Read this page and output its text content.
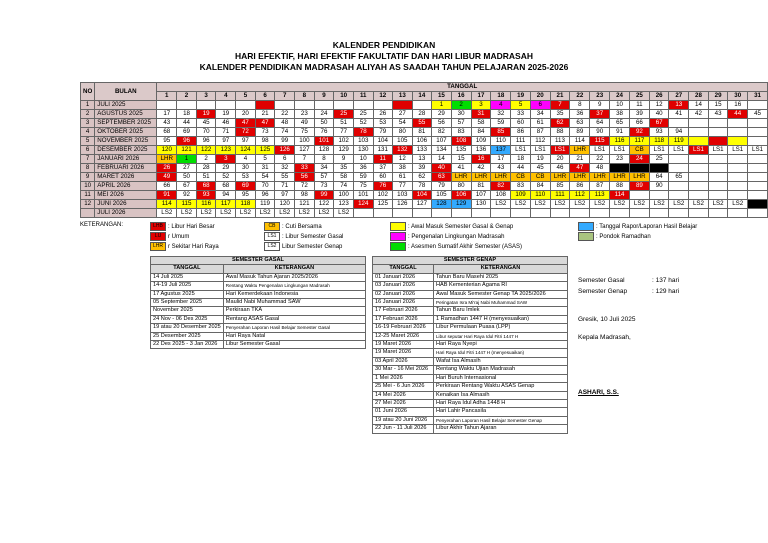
KALENDER PENDIDIKAN
HARI EFEKTIF, HARI EFEKTIF FAKULTATIF DAN HARI LIBUR MADRASAH
KALENDER PENDIDIKAN MADRASAH ALIYAH AS SAADAH TAHUN PELAJARAN 2025-2026
NO	BULAN	TANGGAL																														
		1	2	3	4	5	6	7	8	9	10	11	12	13	14	15	16	17	18	19	20	21	22	23	24	25	26	27	28	29	30	31
1	JULI 2025															1	2	3	4	5	6	7	8	9	10	11	12	13	14	15	16	
2	AGUSTUS 2025	17	18	19	19	20	21	22	23	24	25	25	26	27	28	29	30	31	32	33	34	35	36	37	38	39	40	41	42	43	44	45
3	SEPTEMBER 2025	43	44	45	46	47	47	48	49	50	51	52	53	54	55	56	57	58	59	60	61	62	63	64	65	66	67					
4	OKTOBER 2025	68	69	70	71	72	73	74	75	76	77	78	79	80	81	82	83	84	85	86	87	88	89	90	91	92	93	94				
5	NOVEMBER 2025	95	96	96	97	97	98	99	100	101	102	103	104	105	106	107	108	109	110	111	112	113	114	115	116	117	118	119				
6	DESEMBER 2025	120	121	122	123	124	125	126	127	128	129	130	131	132	133	134	135	136	137	LS1	LS1	LS1	LHR	LS1	LS1	CB	LS1	LS1	LS1	LS1	LS1	LS1
7	JANUARI 2026	LHR	1	2	3	4	5	6	7	8	9	10	11	12	13	14	15	16	17	18	19	20	21	22	23	24	25					
8	FEBRUARI 2026	26	27	28	29	30	31	32	33	34	35	36	37	38	39	40	41	42	43	44	45	46	47	48								
9	MARET 2026	49	50	51	52	53	54	55	56	57	58	59	60	61	62	63	LHR	LHR	LHR	CB	CB	LHR	LHR	LHR	LHR	LHR	64	65				
10	APRIL 2026	66	67	68	68	69	70	71	72	73	74	75	76	77	78	79	80	81	82	83	84	85	86	87	88	89	90					
11	MEI 2026	91	92	93	94	95	96	97	98	99	100	101	102	103	104	105	106	107	108	109	110	111	112	113	114							
12	JUNI 2026	114	115	116	117	118	119	120	121	122	123	124	125	126	127	128	129	130	LS2	LS2	LS2	LS2	LS2	LS2	LS2	LS2	LS2	LS2	LS2	LS2	LS2	
	JULI 2026	LS2	LS2	LS2	LS2	LS2	LS2	LS2	LS2	LS2	LS2																					
KETERANGAN:	LHB : Libur Hari Besar
LU r Umum
LHR r Sekitar Hari Raya
CB : Cuti Bersama
LS1 : Libur Semester Gasal
LS2 Libur Semester Genap
: Awal Masuk Semester Gasal & Genap
: Pengenalan Lingkungan Madrasah
: Asesmen Sumatif Akhir Semester (ASAS)
: Tanggal Rapor/Laporan Hasil Belajar
: Pondok Ramadhan
SEMESTER GASAL	
TANGGAL	KETERANGAN
14 Juli 2025	Awal Masuk Tahun Ajaran 2025/2026
14-19 Juli 2025	Rentang Waktu Pengenalan Lingkungan Madrasah
17 Agustus 2025	Hari Kemerdekaan Indonesia
05 September 2025	Maulid Nabi Muhammad SAW
November 2025	Perkiraan TKA
24 Nov - 06 Des 2025	Rentang ASAS Gasal
19 atau 20 Desember 2025	Penyerahan Laporan Hasil Belajar Semester Gasal
25 Desember 2025	Hari Raya Natal
22 Des 2025 - 3 Jan 2026	Libur Semester Gasal
SEMESTER GENAP	
TANGGAL	KETERANGAN
01 Januari 2026	Tahun Baru Masehi 2025
03 Januari 2026	HAB Kementerian Agama RI
02 Januari 2026	Awal Masuk Semester Genap TA 2025/2026
16 Januari 2026	Peringatan Isra Mi'raj Nabi Muhammad SAW
17 Februari 2026	Tahun Baru Imlek
17 Februari 2026	1 Ramadhan 1447 H (menyesuaikan)
16-19 Februari 2026	Libur Permulaan Puasa (LPP)
12-25 Maret 2026	Libur seputar Hari Raya Idul Fitri 1447 H
19 Maret 2026	Hari Raya Nyepi
19 Maret 2026	Hari Raya Idul Fitri 1447 H (menyesuaikan)
03 April 2026	Wafat Isa Almasih
30 Mar - 16 Mei 2026	Rentang Waktu Ujian Madrasah
1 Mei 2026	Hari Buruh Internasional
25 Mei - 6 Jun 2026	Perkiraan Rentang Waktu ASAS Genap
14 Mei 2026	Kenaikan Isa Almasih
27 Mei 2026	Hari Raya Idul Adha 1448 H
01 Juni 2026	Hari Lahir Pancasila
19 atau 20 Juni 2026	Penyerahan Laporan Hasil Belajar Semester Genap
22 Jun - 11 Juli 2026	Libur Akhir Tahun Ajaran
Semester Gasal	: 137 hari
Semester Genap	: 129 hari
Gresik, 10 Juli 2025
Kepala Madrasah,
ASHARI, S.S.
